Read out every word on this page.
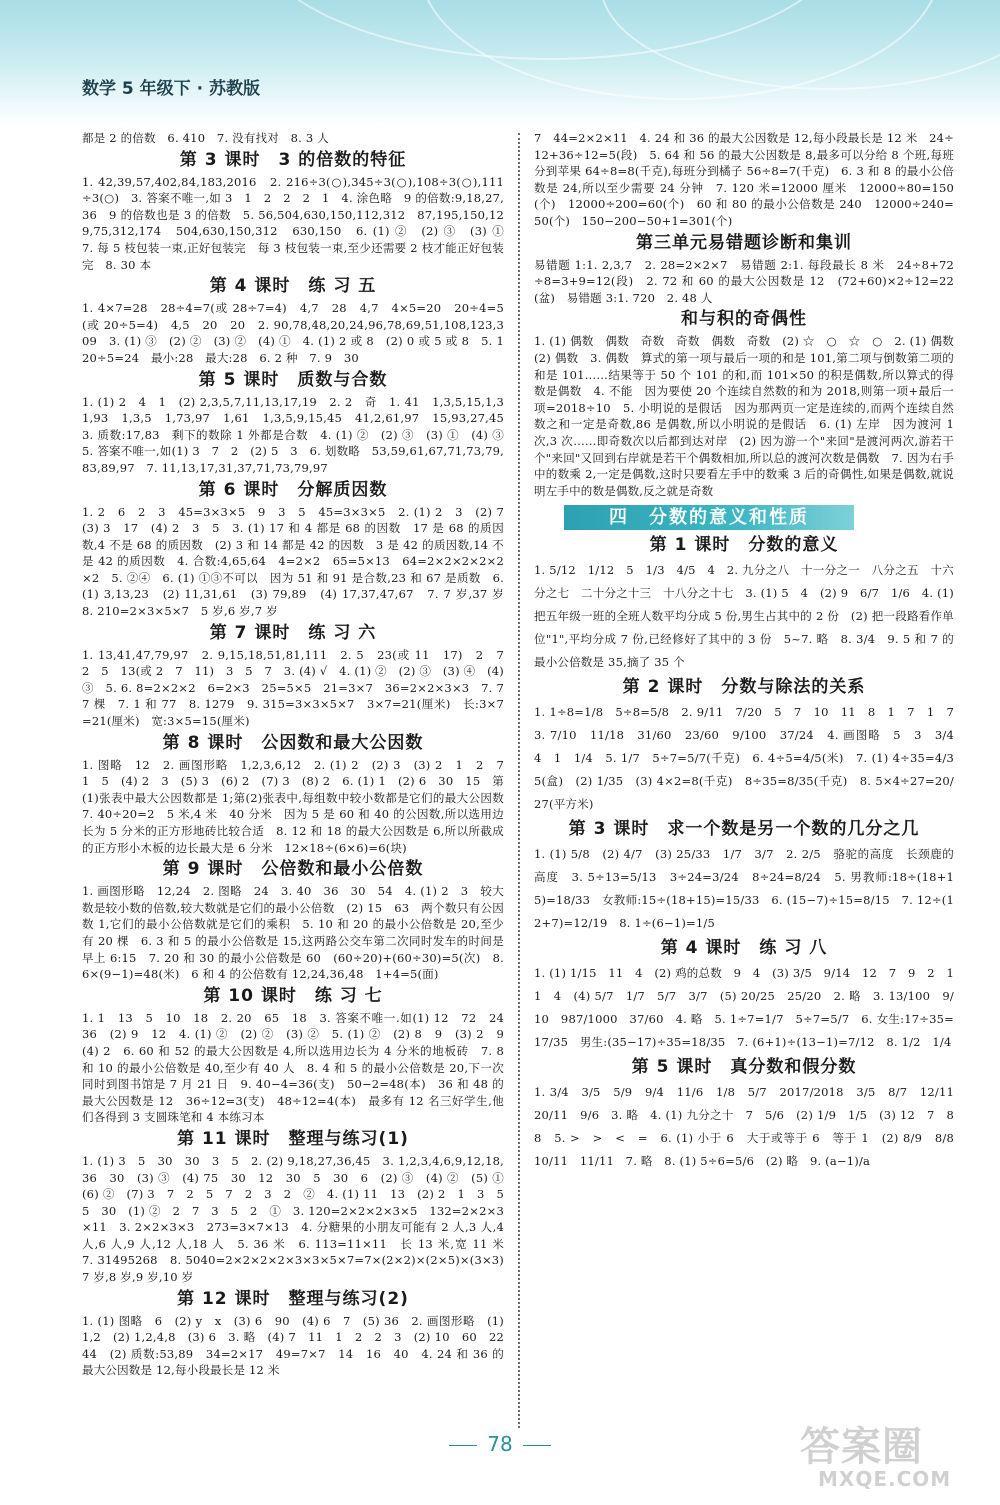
数学 5 年级下 · 苏教版
都是 2 的倍数　6. 410　7. 没有找对　8. 3 人
第 3 课时　3 的倍数的特征
1. 42,39,57,402,84,183,2016　2. 216÷3(○),345÷3(○),108÷3(○),111÷3(○)　3. 答案不唯一,如 3　1　2　2　2　1　4. 涂色略　9 的倍数:9,18,27,36　9 的倍数也是 3 的倍数　5. 56,504,630,150,112,312　87,195,150,129,75,312,174　504,630,150,312　630,150　6. (1) ②　(2) ③　(3) ①　7. 每 5 枝包装一束,正好包装完　每 3 枝包装一束,至少还需要 2 枝才能正好包装完　8. 30 本
第 4 课时　练 习 五
1. 4×7=28　28÷4=7(或 28÷7=4)　4,7　28　4,7　4×5=20　20÷4=5(或 20÷5=4)　4,5　20　20　2. 90,78,48,20,24,96,78,69,51,108,123,309　3. (1) ③　(2) ②　(3) ②　(4) ①　4. (1) 2 或 8　(2) 0 或 5 或 8　5. 120÷5=24　最小:28　最大:28　6. 2 种　7. 9　30
第 5 课时　质数与合数
1. (1) 2　4　1　(2) 2,3,5,7,11,13,17,19　2. 2　奇　1. 41　1,3,5,15,1,31,93　1,3,5　1,73,97　1,61　1,3,5,9,15,45　41,2,61,97　15,93,27,45　3. 质数:17,83　剩下的数除 1 外都是合数　4. (1) ②　(2) ③　(3) ①　(4) ③　5. 答案不唯一,如(1) 3　7　2　(2) 5　3　6. 划数略　53,59,61,67,71,73,79,83,89,97　7. 11,13,17,31,37,71,73,79,97
第 6 课时　分解质因数
1. 2　6　2　3　45=3×3×5　9　3　5　45=3×3×5　2. (1) 2　3　(2) 7　(3) 3　17　(4) 2　3　5　3. (1) 17 和 4 都是 68 的因数　17 是 68 的质因数,4 不是 68 的质因数　(2) 3 和 14 都是 42 的因数　3 是 42 的质因数,14 不是 42 的质因数　4. 合数:4,65,64　4=2×2　65=5×13　64=2×2×2×2×2×2　5. ②④　6. (1) ①③不可以　因为 51 和 91 是合数,23 和 67 是质数　6. (1) 3,13,23　(2) 11,31,61　(3) 79,89　(4) 17,37,47,67　7. 7 岁,37 岁　8. 210=2×3×5×7　5 岁,6 岁,7 岁
第 7 课时　练 习 六
1. 13,41,47,79,97　2. 9,15,18,51,81,111　2. 5　23(或 11　17)　2　7　2　5　13(或 2　7　11)　3　5　7　3. (4) √　4. (1) ②　(2) ③　(3) ④　(4) ③　5. 6. 8=2×2×2　6=2×3　25=5×5　21=3×7　36=2×2×3×3　7. 77 棵　7. 1 和 77　8. 1279　9. 315=3×3×5×7　3×7=21(厘米)　长:3×7=21(厘米)　宽:3×5=15(厘米)
第 8 课时　公因数和最大公因数
1. 图略　12　2. 画图形略　1,2,3,6,12　2. (1) 2　(2) 3　(3) 2　1　2　7　1　5　(4) 2　3　(5) 3　(6) 2　(7) 3　(8) 2　6. (1) 1　(2) 6　30　15　第(1)张表中最大公因数都是 1;第(2)张表中,每组数中较小数都是它们的最大公因数　7. 40÷20=2　5 米,4 米　40 分米　因为 5 是 60 和 40 的公因数,所以选用边长为 5 分米的正方形地砖比较合适　8. 12 和 18 的最大公因数是 6,所以所截成的正方形小木板的边长最大是 6 分米　12×18÷(6×6)=6(块)
第 9 课时　公倍数和最小公倍数
1. 画图形略　12,24　2. 图略　24　3. 40　36　30　54　4. (1) 2　3　较大数是较小数的倍数,较大数就是它们的最小公倍数　(2) 15　63　两个数只有公因数 1,它们的最小公倍数就是它们的乘积　5. 10 和 20 的最小公倍数是 20,至少有 20 棵　6. 3 和 5 的最小公倍数是 15,这两路公交车第二次同时发车的时间是早上 6:15　7. 20 和 30 的最小公倍数是 60　(60÷20)+(60÷30)=5(次)　8. 6×(9−1)=48(米)　6 和 4 的公倍数有 12,24,36,48　1+4=5(面)
第 10 课时　练 习 七
1. 1　13　5　10　18　2. 20　65　18　3. 答案不唯一.如(1) 12　72　24　36　(2) 9　12　4. (1) ②　(2) ②　(3) ②　5. (1) ②　(2) 8　9　(3) 2　9　(4) 2　6. 60 和 52 的最大公因数是 4,所以选用边长为 4 分米的地板砖　7. 8 和 10 的最小公倍数是 40,至少有 40 人　8. 4 和 5 的最小公倍数是 20,下一次同时到图书馆是 7 月 21 日　9. 40−4=36(支)　50−2=48(本)　36 和 48 的最大公因数是 12　36÷12=3(支)　48÷12=4(本)　最多有 12 名三好学生,他们各得到 3 支圆珠笔和 4 本练习本
第 11 课时　整理与练习(1)
1. (1) 3　5　30　30　3　5　2. (2) 9,18,27,36,45　3. 1,2,3,4,6,9,12,18,36　30　(3) ③　(4) 75　30　12　30　5　30　6　(2) ③　(4) ②　(5) ①　(6) ②　(7) 3　7　2　5　7　2　3　2　②　4. (1) 11　13　(2) 2　1　3　5　5　30　(1) ②　2　7　3　5　2　①　3. 120=2×2×2×3×5　132=2×2×3×11　3. 2×2×3×3　273=3×7×13　4. 分糖果的小朋友可能有 2 人,3 人,4 人,6 人,9 人,12 人,18 人　5. 36 米　6. 113=11×11　长 13 米,宽 11 米　7. 31495268　8. 5040=2×2×2×2×3×3×5×7=7×(2×2)×(2×5)×(3×3)　7 岁,8 岁,9 岁,10 岁
第 12 课时　整理与练习(2)
1. (1) 图略　6　(2) y　x　(3) 6　90　(4) 6　7　(5) 36　2. 画图形略　(1) 1,2　(2) 1,2,4,8　(3) 6　3. 略　(4) 7　11　1　2　2　3　(2) 10　60　22　44　(2) 质数:53,89　34=2×17　49=7×7　14　16　40　4. 24 和 36 的最大公因数是 12,每小段最长是 12 米
7　44=2×2×11　4. 24 和 36 的最大公因数是 12,每小段最长是 12 米　24÷12+36÷12=5(段)　5. 64 和 56 的最大公因数是 8,最多可以分给 8 个班,每班分到苹果 64÷8=8(千克),每班分到橘子 56÷8=7(千克)　6. 3 和 8 的最小公倍数是 24,所以至少需要 24 分钟　7. 120 米=12000 厘米　12000÷80=150(个)　12000÷200=60(个)　60 和 80 的最小公倍数是 240　12000÷240=50(个)　150−200−50+1=301(个)
第三单元易错题诊断和集训
易错题 1:1. 2,3,7　2. 28=2×2×7　易错题 2:1. 每段最长 8 米　24÷8+72÷8=3+9=12(段)　2. 72 和 60 的最大公因数是 12　(72+60)×2÷12=22(盆)　易错题 3:1. 720　2. 48 人
和与积的奇偶性
1. (1) 偶数　偶数　奇数　奇数　偶数　奇数　(2) ☆　○　☆　○　2. (1) 偶数　(2) 偶数　3. 偶数　算式的第一项与最后一项的和是 101,第二项与倒数第二项的和是 101……结果等于 50 个 101 的和,而 101×50 的积是偶数,所以算式的得数是偶数　4. 不能　因为要使 20 个连续自然数的和为 2018,则第一项+最后一项=2018÷10　5. 小明说的是假话　因为那两页一定是连续的,而两个连续自然数之和一定是奇数,86 是偶数,所以小明说的是假话　6. (1) 左岸　因为渡河 1 次,3 次……即奇数次以后都到达对岸　(2) 因为游一个"来回"是渡河两次,游若干个"来回"又回到右岸就是若干个偶数相加,所以总的渡河次数是偶数　7. 因为右手中的数乘 2,一定是偶数,这时只要看左手中的数乘 3 后的奇偶性,如果是偶数,就说明左手中的数是偶数,反之就是奇数
四　分数的意义和性质
第 1 课时　分数的意义
1. 5/12　1/12　5　1/3　4/5　4　2. 九分之八　十一分之一　八分之五　十六分之七　二十分之十三　十八分之十七　3. (1) 5　4　(2) 9　6/7　1/6　4. (1) 把五年级一班的全班人数平均分成 5 份,男生占其中的 2 份　(2) 把一段路看作单位"1",平均分成 7 份,已经修好了其中的 3 份　5~7. 略　8. 3/4　9. 5 和 7 的最小公倍数是 35,摘了 35 个
第 2 课时　分数与除法的关系
1. 1÷8=1/8　5÷8=5/8　2. 9/11　7/20　5　7　10　11　8　1　7　1　7　3. 7/10　11/18　31/60　23/60　9/100　37/24　4. 画图略　5　3　3/4　4　1　1/4　5. 1/7　5÷7=5/7(千克)　6. 4÷5=4/5(米)　7. (1) 4÷35=4/35(盒)　(2) 1/35　(3) 4×2=8(千克)　8÷35=8/35(千克)　8. 5×4÷27=20/27(平方米)
第 3 课时　求一个数是另一个数的几分之几
1. (1) 5/8　(2) 4/7　(3) 25/33　1/7　3/7　2. 2/5　骆驼的高度　长颈鹿的高度　3. 5÷13=5/13　3÷24=3/24　8÷24=8/24　5. 男教师:18÷(18+15)=18/33　女教师:15÷(18+15)=15/33　6. (15−7)÷15=8/15　7. 12÷(12+7)=12/19　8. 1÷(6−1)=1/5
第 4 课时　练 习 八
1. (1) 1/15　11　4　(2) 鸡的总数　9　4　(3) 3/5　9/14　12　7　9　2　11　4　(4) 5/7　1/7　5/7　3/7　(5) 20/25　25/20　2. 略　3. 13/100　9/10　987/1000　37/60　4. 略　5. 1÷7=1/7　5÷7=5/7　6. 女生:17÷35=17/35　男生:(35−17)÷35=18/35　7. (6+1)÷(13−1)=7/12　8. 1/2　1/4
第 5 课时　真分数和假分数
1. 3/4　3/5　5/9　9/4　11/6　1/8　5/7　2017/2018　3/5　8/7　12/11　20/11　9/6　3. 略　4. (1) 九分之十　7　5/6　(2) 1/9　1/5　(3) 12　7　8　8　5. >　>　<　=　6. (1) 小于 6　大于或等于 6　等于 1　(2) 8/9　8/8　10/11　11/11　7. 略　8. (1) 5÷6=5/6　(2) 略　9. (a−1)/a
78	答案圈
MXQE.COM
